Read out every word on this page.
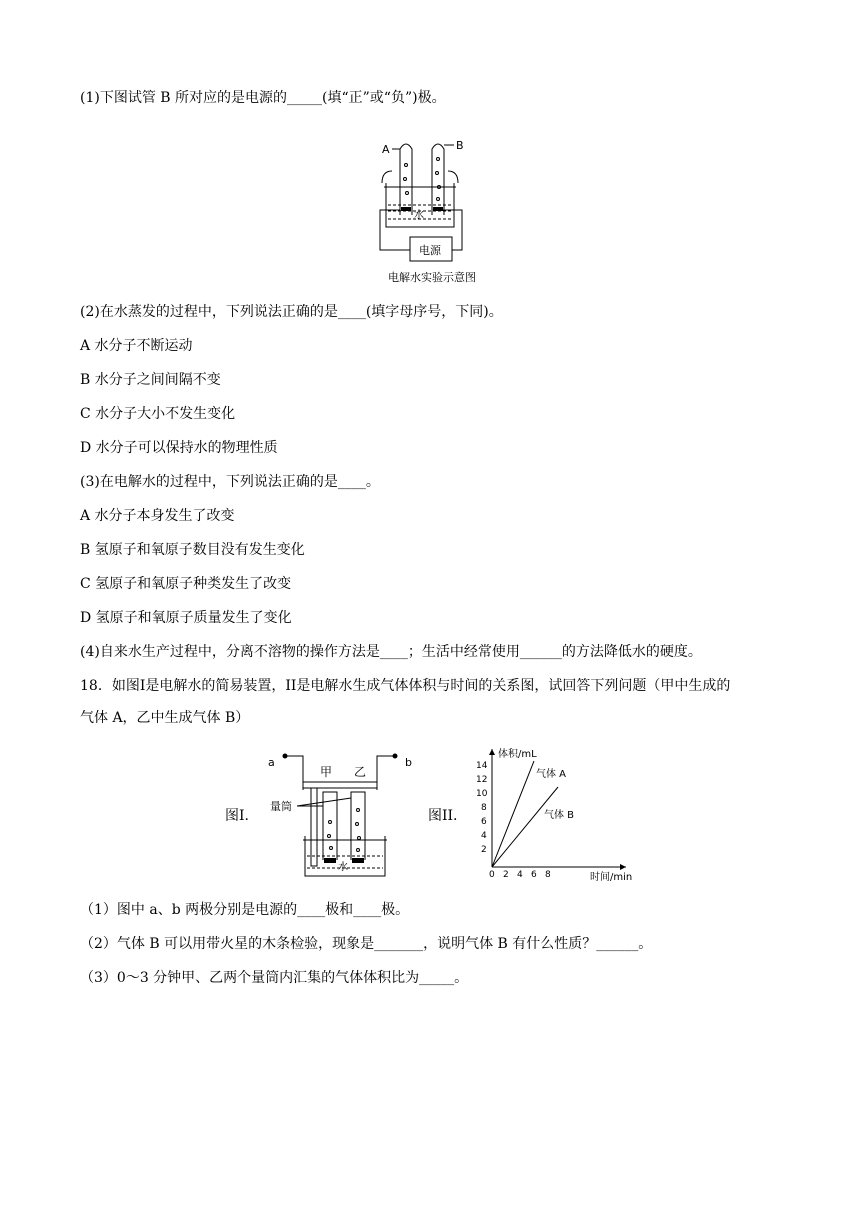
(1)下图试管 B 所对应的是电源的_____(填“正”或“负”)极。
A	B
水
电源
电解水实验示意图
(2)在水蒸发的过程中，下列说法正确的是____(填字母序号，下同)。
A 水分子不断运动
B 水分子之间间隔不变
C 水分子大小不发生变化
D 水分子可以保持水的物理性质
(3)在电解水的过程中，下列说法正确的是____。
A 水分子本身发生了改变
B 氢原子和氧原子数目没有发生变化
C 氢原子和氧原子种类发生了改变
D 氢原子和氧原子质量发生了变化
(4)自来水生产过程中，分离不溶物的操作方法是____；生活中经常使用______的方法降低水的硬度。
18．如图I是电解水的简易装置，II是电解水生成气体体积与时间的关系图，试回答下列问题（甲中生成的
气体 A，乙中生成气体 B）
图I.
a	b
甲 乙
量筒
水
图II.
体积/mL
时间/min
2
4
6
8
10
12
14
0 2 4 6 8
气体 A
气体 B
（1）图中 a、b 两极分别是电源的____极和____极。
（2）气体 B 可以用带火星的木条检验，现象是_______，说明气体 B 有什么性质？______。
（3）0～3 分钟甲、乙两个量筒内汇集的气体体积比为_____。
